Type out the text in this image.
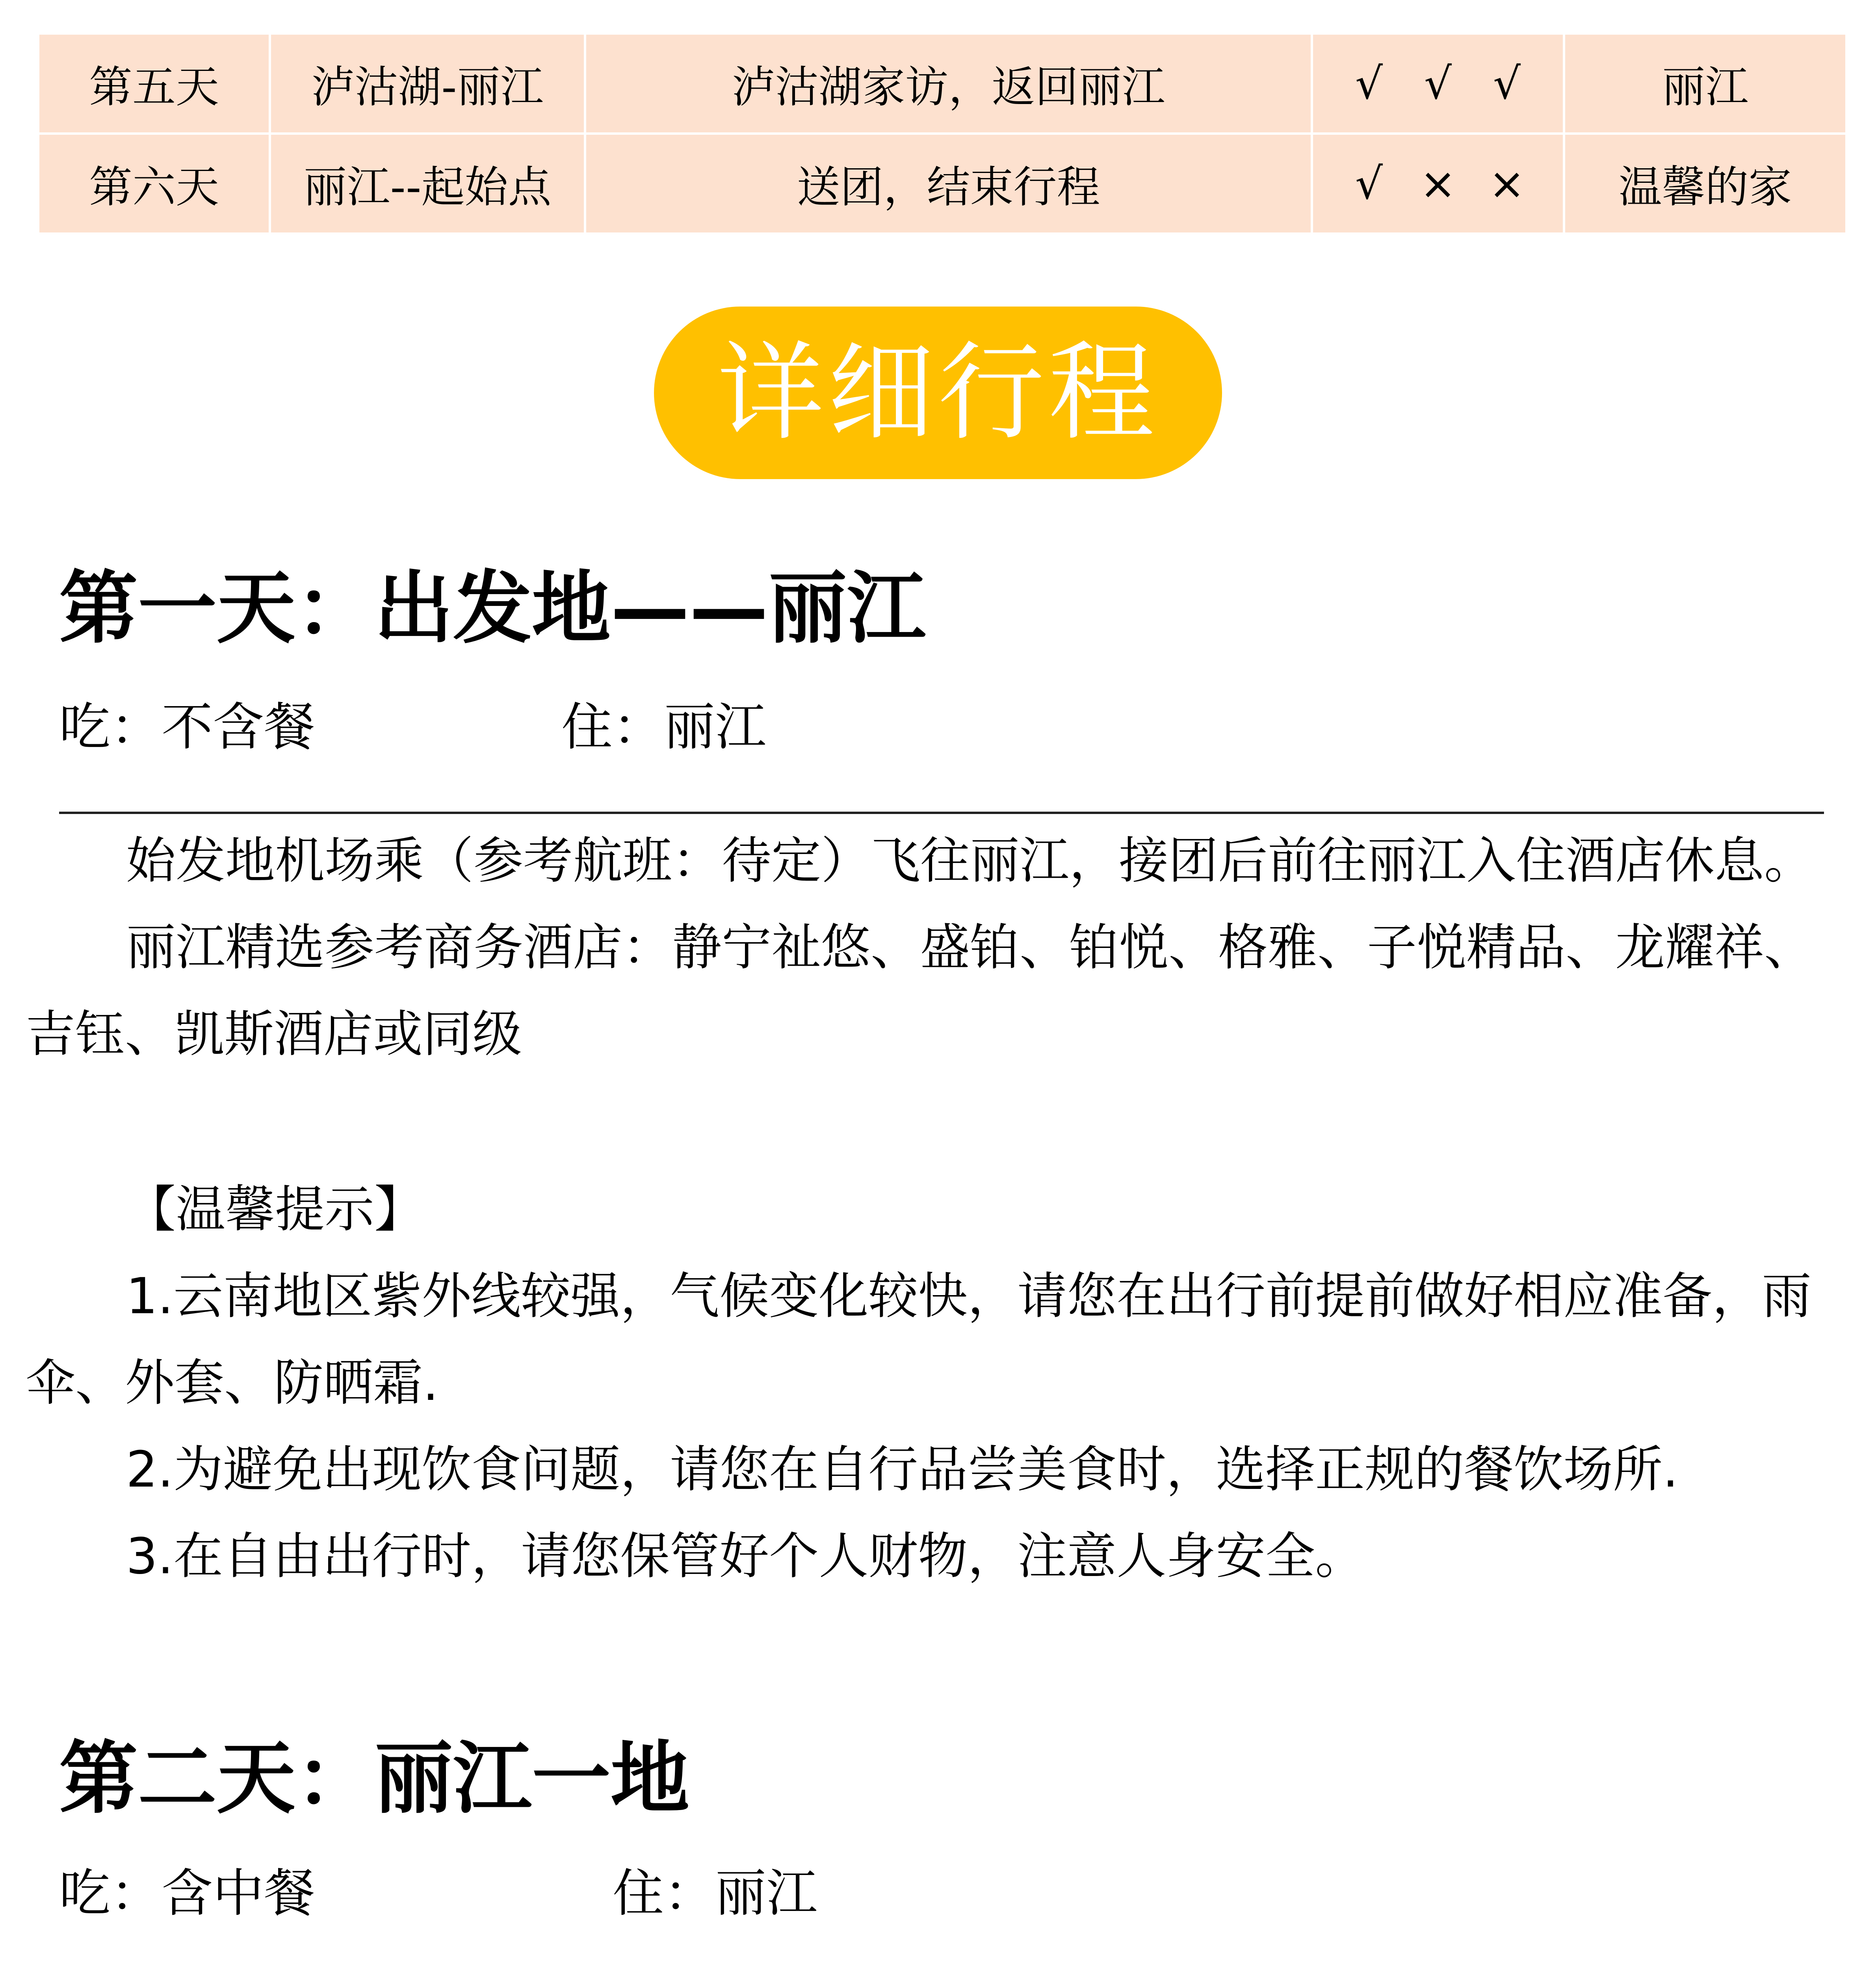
第五天	泸沽湖-丽江	泸沽湖家访，返回丽江	√ √ √	丽江
第六天	丽江--起始点	送团，结束行程	√ × ×	温馨的家
详细行程
第一天：出发地——丽江
吃：不含餐	住：丽江
始发地机场乘（参考航班：待定）飞往丽江，接团后前往丽江入住酒店休息。
丽江精选参考商务酒店：静宁祉悠、盛铂、铂悦、格雅、子悦精品、龙耀祥、
吉钰、凯斯酒店或同级
【温馨提示】
1.云南地区紫外线较强，气候变化较快，请您在出行前提前做好相应准备，雨
伞、外套、防晒霜.
2.为避免出现饮食问题，请您在自行品尝美食时，选择正规的餐饮场所.
3.在自由出行时，请您保管好个人财物，注意人身安全。
第二天：丽江一地
吃：含中餐	住：丽江
